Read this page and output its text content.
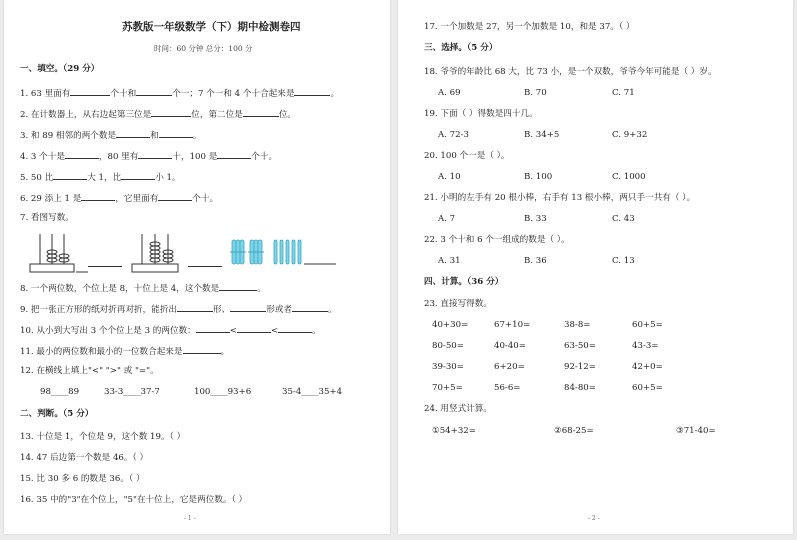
苏教版一年级数学（下）期中检测卷四
时间：60 分钟 总分：100 分
一、填空。（29 分）
1. 63 里面有	个十和	个一；7 个一和 4 个十合起来是	。
2. 在计数器上，从右边起第三位是	位，第二位是	位。
3. 和 89 相邻的两个数是	和	。
4. 3 个十是	，80 里有	十，100 是	个十。
5. 50 比	大 1，比	小 1。
6. 29 添上 1 是	，它里面有	个十。
7. 看图写数。
8. 一个两位数，个位上是 8，十位上是 4，这个数是	。
9. 把一张正方形的纸对折再对折，能折出	形、	形或者	。
10. 从小到大写出 3 个个位上是 3 的两位数：	<	<	。
11. 最小的两位数和最小的一位数合起来是	。
12. 在横线上填上"<" ">" 或 "="。
98____89	33-3____37-7	100____93+6	35-4____35+4
二、判断。（5 分）
13. 十位是 1，个位是 9，这个数 19。（ ）
14. 47 后边第一个数是 46。（ ）
15. 比 30 多 6 的数是 36。（ ）
16. 35 中的"3"在个位上，"5"在十位上，它是两位数。（ ）
- 1 -
17. 一个加数是 27，另一个加数是 10，和是 37。（ ）
三、选择。（5 分）
18. 爷爷的年龄比 68 大，比 73 小，是一个双数，爷爷今年可能是（ ）岁。
A. 69	B. 70	C. 71
19. 下面（ ）得数是四十几。
A. 72-3	B. 34+5	C. 9+32
20. 100 个一是（ ）。
A. 10	B. 100	C. 1000
21. 小明的左手有 20 根小棒，右手有 13 根小棒，两只手一共有（ ）。
A. 7	B. 33	C. 43
22. 3 个十和 6 个一组成的数是（ ）。
A. 31	B. 36	C. 13
四、计算。（36 分）
23. 直接写得数。
40+30=	67+10=	38-8=	60+5=
80-50=	40-40=	63-50=	43-3=
39-30=	6+20=	92-12=	42+0=
70+5=	56-6=	84-80=	60+5=
24. 用竖式计算。
①54+32=	②68-25=	③71-40=
- 2 -
